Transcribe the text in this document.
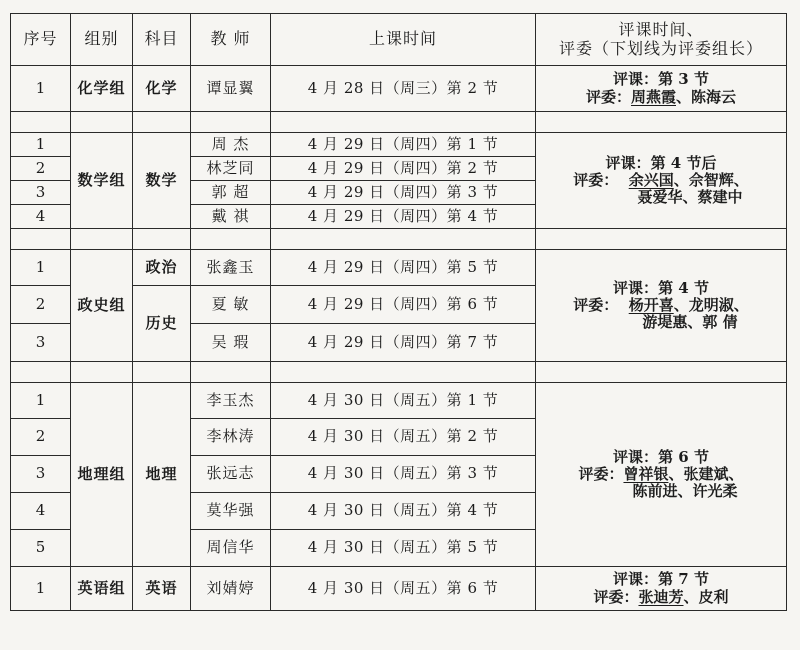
序号	组别	科目	教 师	上课时间	评课时间、
评委（下划线为评委组长）
1	化学组	化学	谭显翼	4 月 28 日（周三）第 2 节	评课：第 3 节
评委：周燕霞、陈海云

1	数学组	数学	周 杰	4 月 29 日（周四）第 1 节	评课：第 4 节后
评委： 余兴国、佘智辉、
聂爱华、蔡建中

2			林芝同	4 月 29 日（周四）第 2 节	
3			郭 超	4 月 29 日（周四）第 3 节	
4			戴 祺	4 月 29 日（周四）第 4 节	

1	政史组	政治	张鑫玉	4 月 29 日（周四）第 5 节	评课：第 4 节
评委： 杨开喜、龙明淑、
游堤惠、郭 倩

2		历史	夏 敏	4 月 29 日（周四）第 6 节	
3			吴 瑕	4 月 29 日（周四）第 7 节	

1	地理组	地理	李玉杰	4 月 30 日（周五）第 1 节	评课：第 6 节
评委：曾祥银、张建斌、
陈前进、许光柔

2			李林涛	4 月 30 日（周五）第 2 节	
3			张远志	4 月 30 日（周五）第 3 节	
4			莫华强	4 月 30 日（周五）第 4 节	
5			周信华	4 月 30 日（周五）第 5 节	
1	英语组	英语	刘婧婷	4 月 30 日（周五）第 6 节	评课：第 7 节
评委：张迪芳、皮利
